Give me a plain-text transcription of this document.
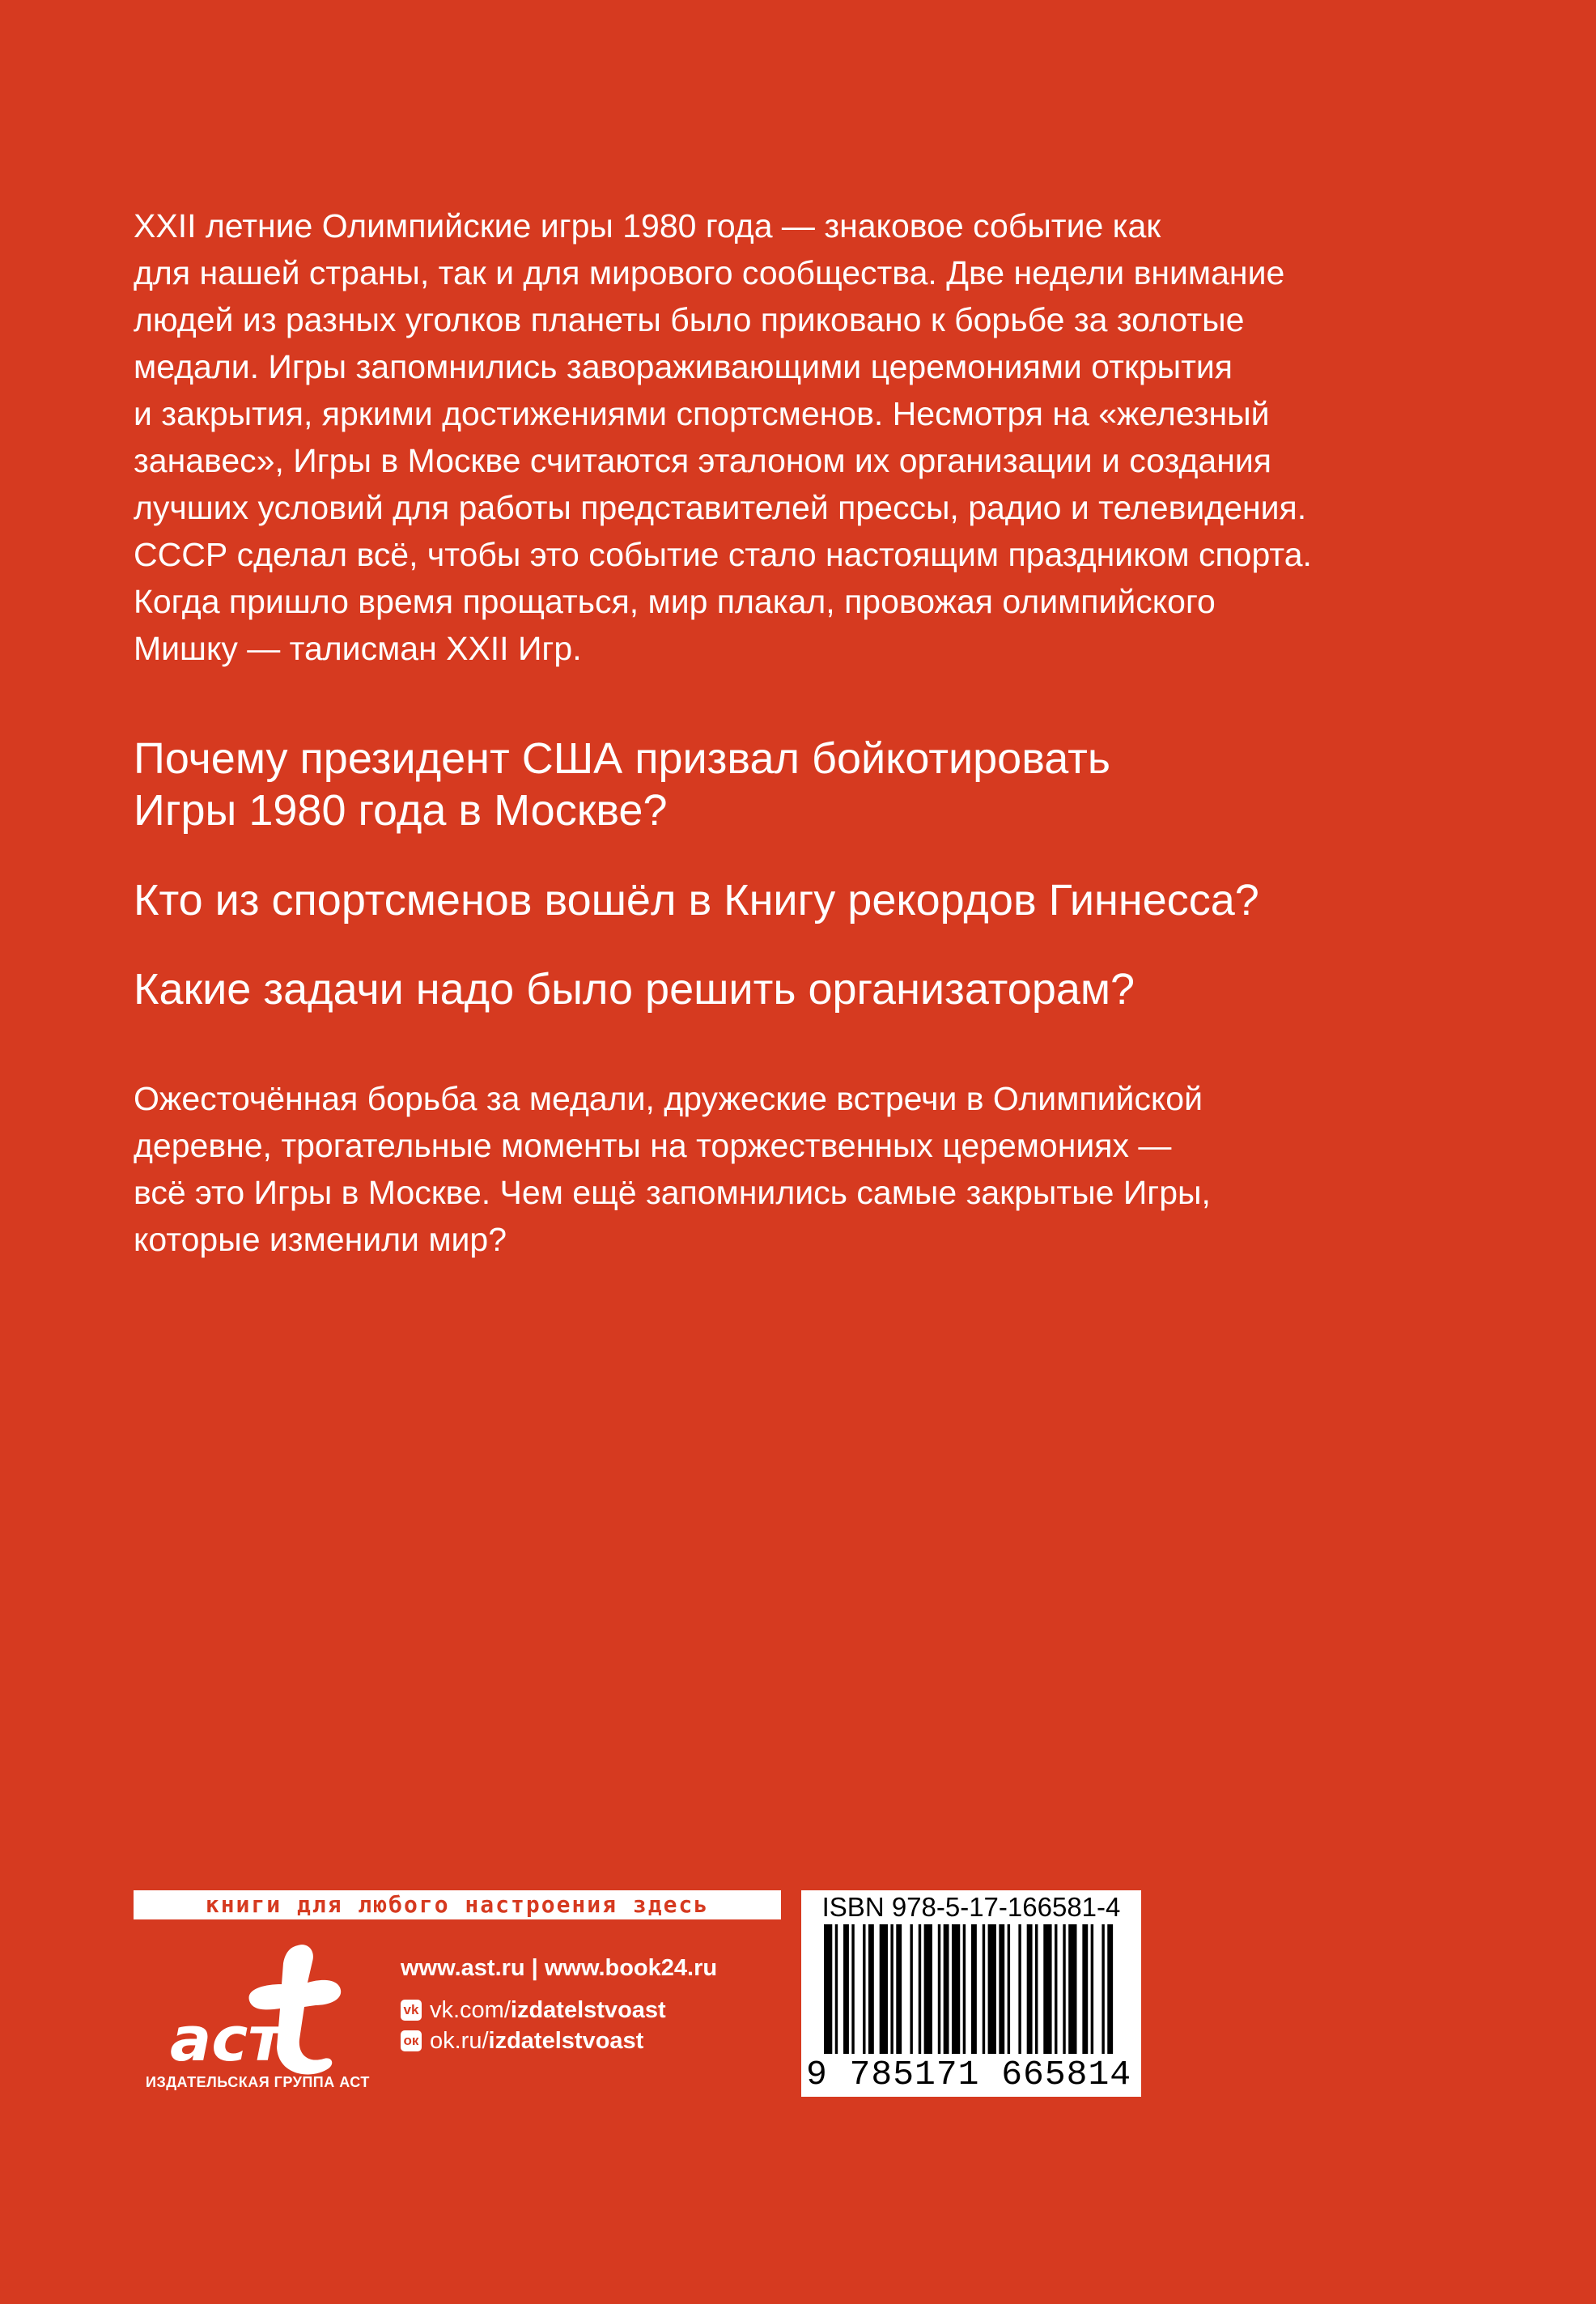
XXII летние Олимпийские игры 1980 года — знаковое событие как
для нашей страны, так и для мирового сообщества. Две недели внимание
людей из разных уголков планеты было приковано к борьбе за золотые
медали. Игры запомнились завораживающими церемониями открытия
и закрытия, яркими достижениями спортсменов. Несмотря на «железный
занавес», Игры в Москве считаются эталоном их организации и создания
лучших условий для работы представителей прессы, радио и телевидения.
СССР сделал всё, чтобы это событие стало настоящим праздником спорта.
Когда пришло время прощаться, мир плакал, провожая олимпийского
Мишку — талисман XXII Игр.
Почему президент США призвал бойкотировать
Игры 1980 года в Москве?
Кто из спортсменов вошёл в Книгу рекордов Гиннесса?
Какие задачи надо было решить организаторам?
Ожесточённая борьба за медали, дружеские встречи в Олимпийской
деревне, трогательные моменты на торжественных церемониях —
всё это Игры в Москве. Чем ещё запомнились самые закрытые Игры,
которые изменили мир?
книги для любого настроения здесь
аст
ИЗДАТЕЛЬСКАЯ ГРУППА АСТ
www.ast.ru | www.book24.ru
vk vk.com/ izdatelstvoast
ок ok.ru/ izdatelstvoast
ISBN 978-5-17-166581-4
9 785171 665814
